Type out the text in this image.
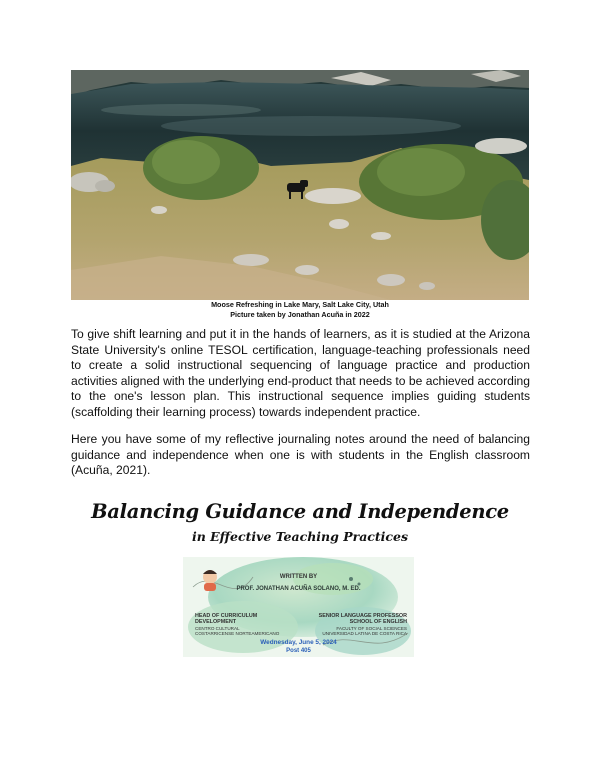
Moose Refreshing in Lake Mary, Salt Lake City, Utah
Picture taken by Jonathan Acuña in 2022

To give shift learning and put it in the hands of learners, as it is studied at the Arizona State University's online TESOL certification, language-teaching professionals need to create a solid instructional sequencing of language practice and production activities aligned with the underlying end-product that needs to be achieved according to the one's lesson plan. This instructional sequence implies guiding students (scaffolding their learning process) towards independent practice.

Here you have some of my reflective journaling notes around the need of balancing guidance and independence when one is with students in the English classroom (Acuña, 2021).

Balancing Guidance and Independence
in Effective Teaching Practices
WRITTEN BY
PROF. JONATHAN ACUÑA SOLANO, M. ED.
HEAD OF CURRICULUM
DEVELOPMENT
CENTRO CULTURAL
COSTARRICENSE NORTEAMERICANO
SENIOR LANGUAGE PROFESSOR
SCHOOL OF ENGLISH
FACULTY OF SOCIAL SCIENCES
UNIVERSIDAD LATINA DE COSTA RICA
Wednesday, June 5, 2024
Post 405
